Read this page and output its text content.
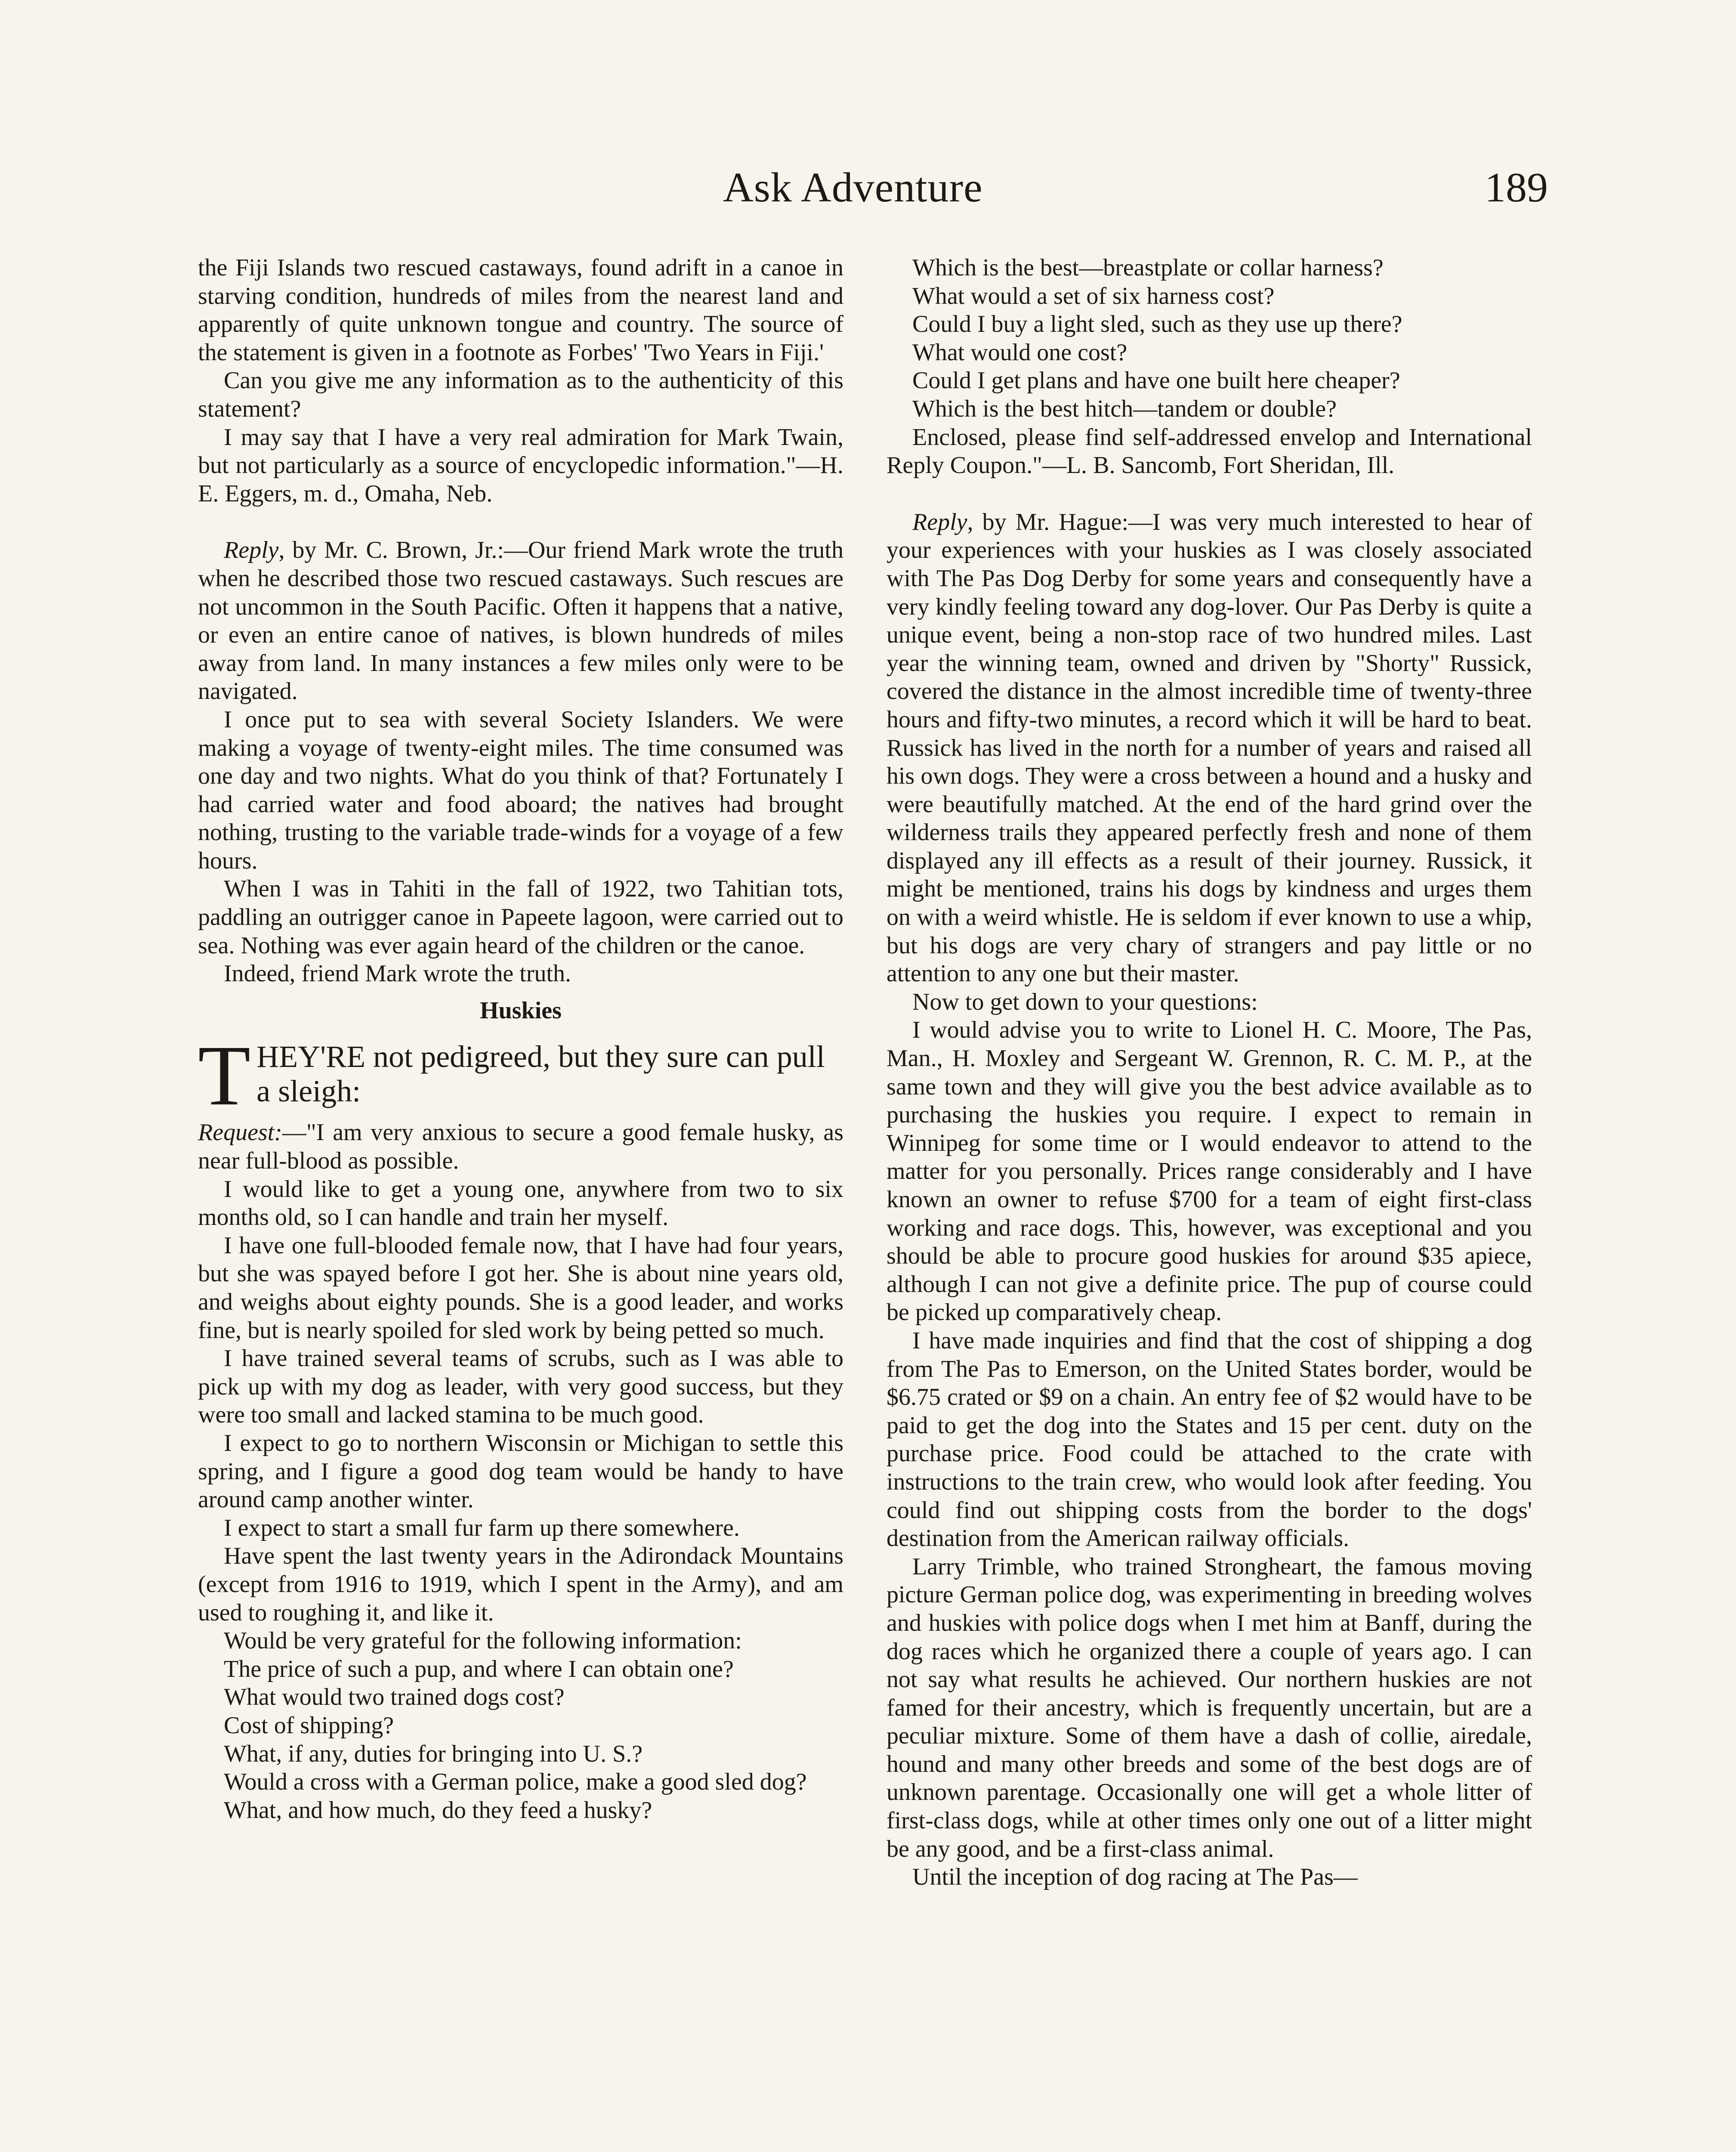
Ask Adventure	189

the Fiji Islands two rescued castaways, found adrift in a canoe in starving condition, hundreds of miles from the nearest land and apparently of quite unknown tongue and country. The source of the statement is given in a footnote as Forbes' 'Two Years in Fiji.'

Can you give me any information as to the authenticity of this statement?

I may say that I have a very real admiration for Mark Twain, but not particularly as a source of encyclopedic information."—H. E. Eggers, m. d., Omaha, Neb.

Reply, by Mr. C. Brown, Jr.:—Our friend Mark wrote the truth when he described those two rescued castaways. Such rescues are not uncommon in the South Pacific. Often it happens that a native, or even an entire canoe of natives, is blown hundreds of miles away from land. In many instances a few miles only were to be navigated.

I once put to sea with several Society Islanders. We were making a voyage of twenty-eight miles. The time consumed was one day and two nights. What do you think of that? Fortunately I had carried water and food aboard; the natives had brought nothing, trusting to the variable trade-winds for a voyage of a few hours.

When I was in Tahiti in the fall of 1922, two Tahitian tots, paddling an outrigger canoe in Papeete lagoon, were carried out to sea. Nothing was ever again heard of the children or the canoe.

Indeed, friend Mark wrote the truth.

Huskies

T HEY'RE not pedigreed, but they sure can pull a sleigh:

Request:—"I am very anxious to secure a good female husky, as near full-blood as possible.

I would like to get a young one, anywhere from two to six months old, so I can handle and train her myself.

I have one full-blooded female now, that I have had four years, but she was spayed before I got her. She is about nine years old, and weighs about eighty pounds. She is a good leader, and works fine, but is nearly spoiled for sled work by being petted so much.

I have trained several teams of scrubs, such as I was able to pick up with my dog as leader, with very good success, but they were too small and lacked stamina to be much good.

I expect to go to northern Wisconsin or Michigan to settle this spring, and I figure a good dog team would be handy to have around camp another winter.

I expect to start a small fur farm up there somewhere.

Have spent the last twenty years in the Adirondack Mountains (except from 1916 to 1919, which I spent in the Army), and am used to roughing it, and like it.

Would be very grateful for the following information:

The price of such a pup, and where I can obtain one?

What would two trained dogs cost?

Cost of shipping?

What, if any, duties for bringing into U. S.?

Would a cross with a German police, make a good sled dog?

What, and how much, do they feed a husky?

Which is the best—breastplate or collar harness?

What would a set of six harness cost?

Could I buy a light sled, such as they use up there?

What would one cost?

Could I get plans and have one built here cheaper?

Which is the best hitch—tandem or double?

Enclosed, please find self-addressed envelop and International Reply Coupon."—L. B. Sancomb, Fort Sheridan, Ill.

Reply, by Mr. Hague:—I was very much interested to hear of your experiences with your huskies as I was closely associated with The Pas Dog Derby for some years and consequently have a very kindly feeling toward any dog-lover. Our Pas Derby is quite a unique event, being a non-stop race of two hundred miles. Last year the winning team, owned and driven by "Shorty" Russick, covered the distance in the almost incredible time of twenty-three hours and fifty-two minutes, a record which it will be hard to beat. Russick has lived in the north for a number of years and raised all his own dogs. They were a cross between a hound and a husky and were beautifully matched. At the end of the hard grind over the wilderness trails they appeared perfectly fresh and none of them displayed any ill effects as a result of their journey. Russick, it might be mentioned, trains his dogs by kindness and urges them on with a weird whistle. He is seldom if ever known to use a whip, but his dogs are very chary of strangers and pay little or no attention to any one but their master.

Now to get down to your questions:

I would advise you to write to Lionel H. C. Moore, The Pas, Man., H. Moxley and Sergeant W. Grennon, R. C. M. P., at the same town and they will give you the best advice available as to purchasing the huskies you require. I expect to remain in Winnipeg for some time or I would endeavor to attend to the matter for you personally. Prices range considerably and I have known an owner to refuse $700 for a team of eight first-class working and race dogs. This, however, was exceptional and you should be able to procure good huskies for around $35 apiece, although I can not give a definite price. The pup of course could be picked up comparatively cheap.

I have made inquiries and find that the cost of shipping a dog from The Pas to Emerson, on the United States border, would be $6.75 crated or $9 on a chain. An entry fee of $2 would have to be paid to get the dog into the States and 15 per cent. duty on the purchase price. Food could be attached to the crate with instructions to the train crew, who would look after feeding. You could find out shipping costs from the border to the dogs' destination from the American railway officials.

Larry Trimble, who trained Strongheart, the famous moving picture German police dog, was experimenting in breeding wolves and huskies with police dogs when I met him at Banff, during the dog races which he organized there a couple of years ago. I can not say what results he achieved. Our northern huskies are not famed for their ancestry, which is frequently uncertain, but are a peculiar mixture. Some of them have a dash of collie, airedale, hound and many other breeds and some of the best dogs are of unknown parentage. Occasionally one will get a whole litter of first-class dogs, while at other times only one out of a litter might be any good, and be a first-class animal.

Until the inception of dog racing at The Pas—
